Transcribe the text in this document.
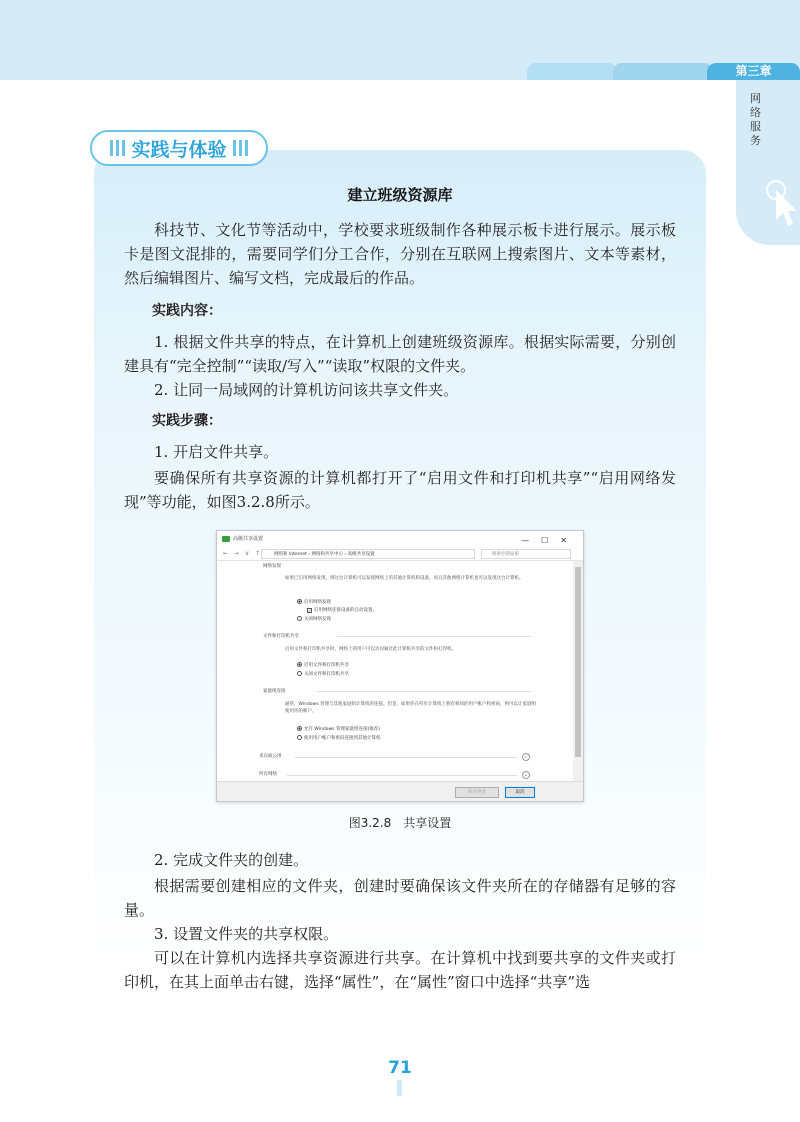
第三章
网络服务
实践与体验
建立班级资源库

科技节、文化节等活动中，学校要求班级制作各种展示板卡进行展示。展示板卡是图文混排的，需要同学们分工合作，分别在互联网上搜索图片、文本等素材，然后编辑图片、编写文档，完成最后的作品。

实践内容：

1. 根据文件共享的特点，在计算机上创建班级资源库。根据实际需要，分别创建具有“完全控制”“读取/写入”“读取”权限的文件夹。

2. 让同一局域网的计算机访问该共享文件夹。

实践步骤：

1. 开启文件共享。

要确保所有共享资源的计算机都打开了“启用文件和打印机共享”“启用网络发现”等功能，如图3.2.8所示。

高级共享设置	—☐✕
← → ∨ ↑	网络和 Internet › 网络和共享中心 › 高级共享设置	搜索控制面板
网络发现
如果已启用网络发现，则这台计算机可以发现网络上的其他计算机和设备，而且其他网络计算机也可以发现这台计算机。
启用网络发现
✓ 启用网络连接设备的自动设置。
关闭网络发现
文件和打印机共享
启用文件和打印机共享时，网络上的用户可以访问通过此计算机共享的文件和打印机。
启用文件和打印机共享
关闭文件和打印机共享
家庭组连接
通常，Windows 管理与其他家庭组计算机的连接。但是，如果你在所有计算机上拥有相同的用户帐户和密码，则可以让家庭组使用你的帐户。
允许 Windows 管理家庭组连接(推荐)
使用用户帐户和密码连接到其他计算机
来宾或公用	⌄
所有网络	⌄
保存更改	取消
图3.2.8　共享设置

2. 完成文件夹的创建。

根据需要创建相应的文件夹，创建时要确保该文件夹所在的存储器有足够的容量。

3. 设置文件夹的共享权限。

可以在计算机内选择共享资源进行共享。在计算机中找到要共享的文件夹或打印机，在其上面单击右键，选择“属性”，在“属性”窗口中选择“共享”选

71
